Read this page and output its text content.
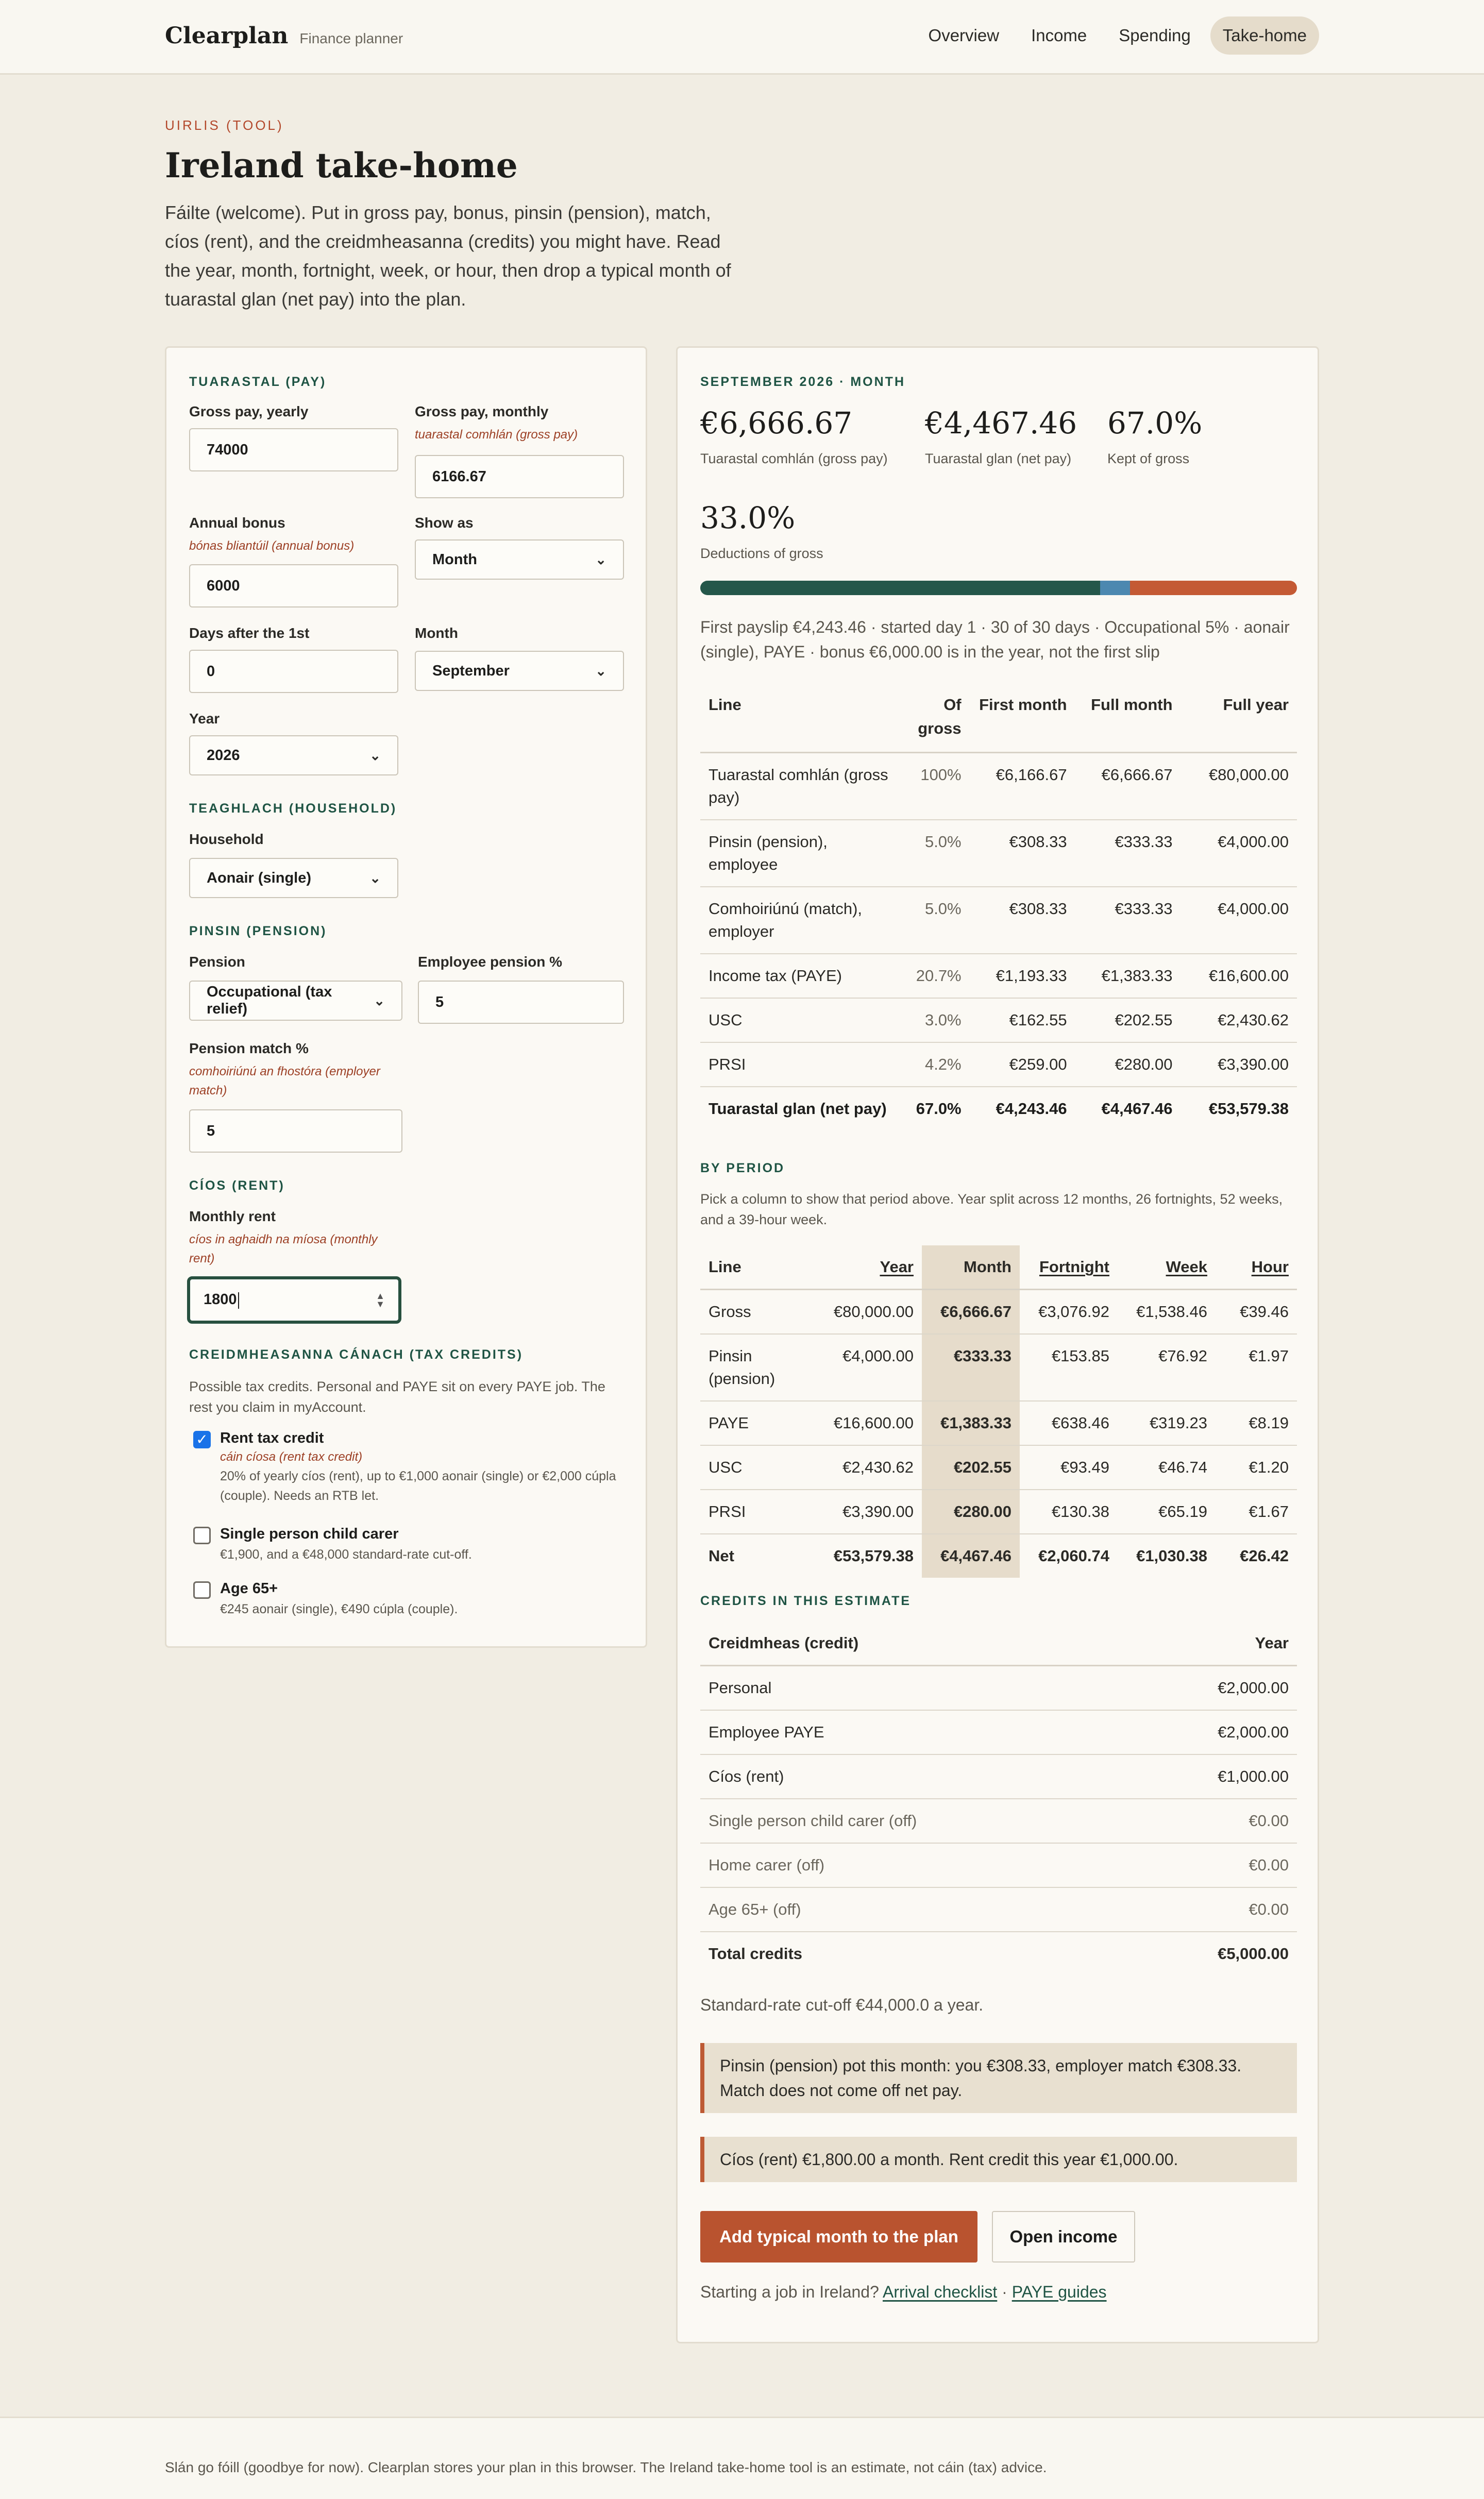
Clearplan Finance planner	Overview	Income	Spending	Take-home
UIRLIS (TOOL)
Ireland take-home
Fáilte (welcome). Put in gross pay, bonus, pinsin (pension), match, cíos (rent), and the creidmheasanna (credits) you might have. Read the year, month, fortnight, week, or hour, then drop a typical month of tuarastal glan (net pay) into the plan.
TUARASTAL (PAY)
Gross pay, yearly
74000
Gross pay, monthly
tuarastal comhlán (gross pay)
6166.67
Annual bonus
bónas bliantúil (annual bonus)
6000
Show as
Month	⌄
Days after the 1st
0
Month
September	⌄
Year
2026	⌄
TEAGHLACH (HOUSEHOLD)
Household
Aonair (single)	⌄
PINSIN (PENSION)
Pension
Occupational (tax relief)
⌄
Employee pension %
5
Pension match %
comhoiriúnú an fhostóra (employer match)
5
CÍOS (RENT)
Monthly rent
cíos in aghaidh na míosa (monthly rent)
1800	▲
▼
CREIDMHEASANNA CÁNACH (TAX CREDITS)
Possible tax credits. Personal and PAYE sit on every PAYE job. The rest you claim in myAccount.
✓ Rent tax credit
cáin cíosa (rent tax credit)
20% of yearly cíos (rent), up to €1,000 aonair (single) or €2,000 cúpla (couple). Needs an RTB let.
Single person child carer
€1,900, and a €48,000 standard-rate cut-off.
Age 65+
€245 aonair (single), €490 cúpla (couple).
SEPTEMBER 2026 · MONTH
€6,666.67
Tuarastal comhlán (gross pay)
€4,467.46
Tuarastal glan (net pay)
67.0%
Kept of gross
33.0%
Deductions of gross
First payslip €4,243.46 · started day 1 · 30 of 30 days · Occupational 5% · aonair (single), PAYE · bonus €6,000.00 is in the year, not the first slip
Line	Of gross	First month	Full month	Full year
Tuarastal comhlán (gross pay)	100%	€6,166.67	€6,666.67	€80,000.00
Pinsin (pension), employee	5.0%	€308.33	€333.33	€4,000.00
Comhoiriúnú (match), employer	5.0%	€308.33	€333.33	€4,000.00
Income tax (PAYE)	20.7%	€1,193.33	€1,383.33	€16,600.00
USC	3.0%	€162.55	€202.55	€2,430.62
PRSI	4.2%	€259.00	€280.00	€3,390.00
Tuarastal glan (net pay)	67.0%	€4,243.46	€4,467.46	€53,579.38
BY PERIOD
Pick a column to show that period above. Year split across 12 months, 26 fortnights, 52 weeks, and a 39-hour week.
Line	Year	Month	Fortnight	Week	Hour
Gross	€80,000.00	€6,666.67	€3,076.92	€1,538.46	€39.46
Pinsin (pension)	€4,000.00	€333.33	€153.85	€76.92	€1.97
PAYE	€16,600.00	€1,383.33	€638.46	€319.23	€8.19
USC	€2,430.62	€202.55	€93.49	€46.74	€1.20
PRSI	€3,390.00	€280.00	€130.38	€65.19	€1.67
Net	€53,579.38	€4,467.46	€2,060.74	€1,030.38	€26.42
CREDITS IN THIS ESTIMATE
Creidmheas (credit)	Year
Personal	€2,000.00
Employee PAYE	€2,000.00
Cíos (rent)	€1,000.00
Single person child carer (off)	€0.00
Home carer (off)	€0.00
Age 65+ (off)	€0.00
Total credits	€5,000.00
Standard-rate cut-off €44,000.0 a year.
Pinsin (pension) pot this month: you €308.33, employer match €308.33. Match does not come off net pay.
Cíos (rent) €1,800.00 a month. Rent credit this year €1,000.00.
Add typical month to the plan	Open income
Starting a job in Ireland? Arrival checklist · PAYE guides
Slán go fóill (goodbye for now). Clearplan stores your plan in this browser. The Ireland take-home tool is an estimate, not cáin (tax) advice.
